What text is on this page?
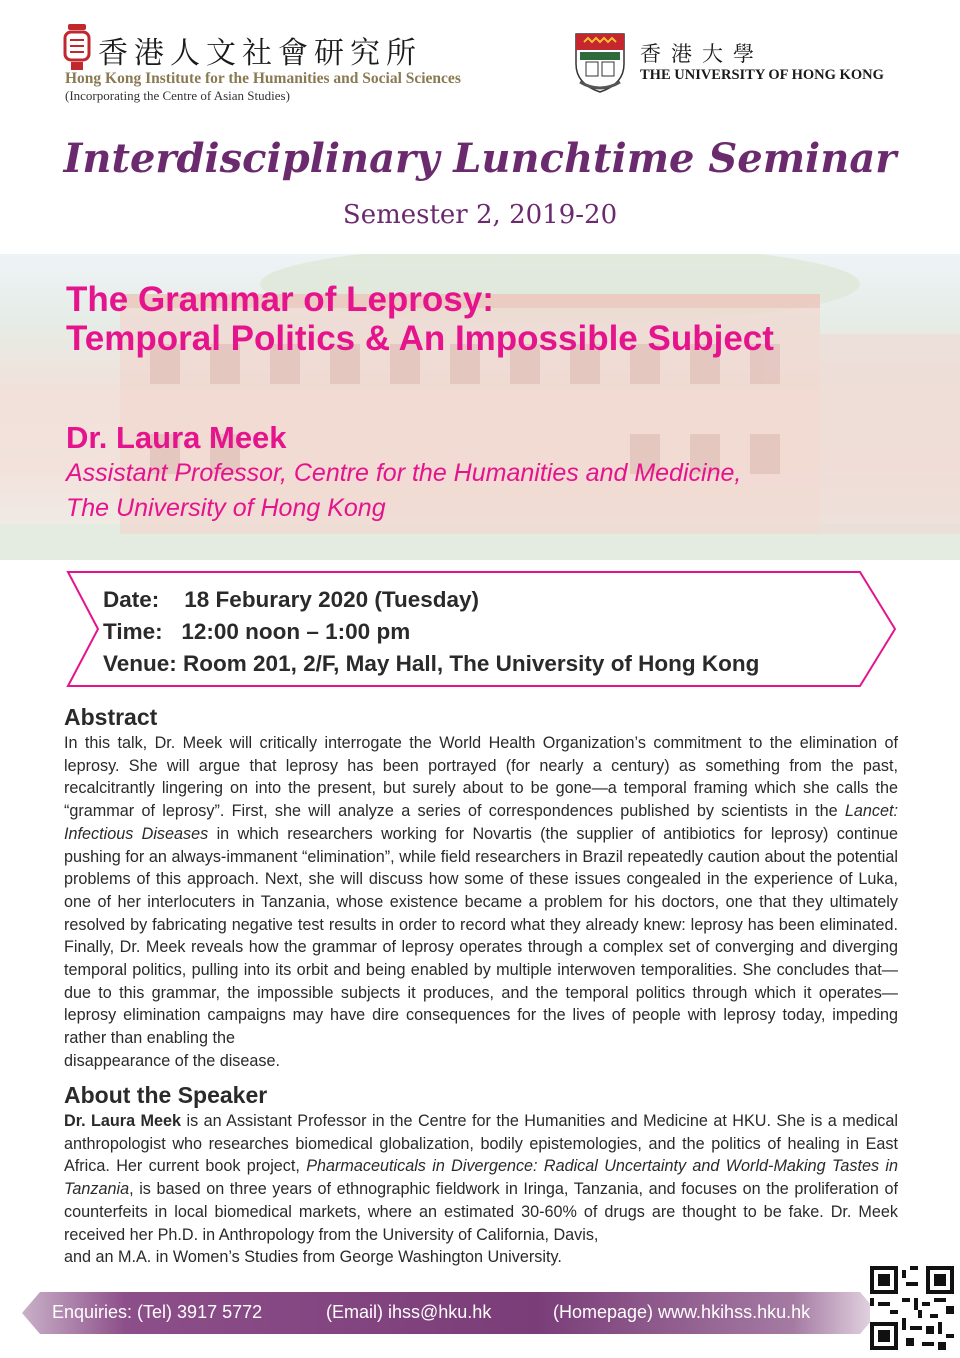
香港人文社會研究所
Hong Kong Institute for the Humanities and Social Sciences
(Incorporating the Centre of Asian Studies)
香港大學
THE UNIVERSITY OF HONG KONG
Interdisciplinary Lunchtime Seminar
Semester 2, 2019-20
The Grammar of Leprosy:
Temporal Politics & An Impossible Subject
Dr. Laura Meek
Assistant Professor, Centre for the Humanities and Medicine,
The University of Hong Kong
Date: 18 Feburary 2020 (Tuesday)
Time: 12:00 noon – 1:00 pm
Venue: Room 201, 2/F, May Hall, The University of Hong Kong
Abstract
In this talk, Dr. Meek will critically interrogate the World Health Organization’s commitment to the elimination of leprosy. She will argue that leprosy has been portrayed (for nearly a century) as something from the past, recalcitrantly lingering on into the present, but surely about to be gone—a temporal framing which she calls the “grammar of leprosy”. First, she will analyze a series of correspondences published by scientists in the Lancet: Infectious Diseases in which researchers working for Novartis (the supplier of antibiotics for leprosy) continue pushing for an always-immanent “elimination”, while field researchers in Brazil repeatedly caution about the potential problems of this approach. Next, she will discuss how some of these issues congealed in the experience of Luka, one of her interlocuters in Tanzania, whose existence became a problem for his doctors, one that they ultimately resolved by fabricating negative test results in order to record what they already knew: leprosy has been eliminated. Finally, Dr. Meek reveals how the grammar of leprosy operates through a complex set of converging and diverging temporal politics, pulling into its orbit and being enabled by multiple interwoven temporalities. She concludes that—due to this grammar, the impossible subjects it produces, and the temporal politics through which it operates—leprosy elimination campaigns may have dire consequences for the lives of people with leprosy today, impeding rather than enabling the
disappearance of the disease.
About the Speaker
Dr. Laura Meek is an Assistant Professor in the Centre for the Humanities and Medicine at HKU. She is a medical anthropologist who researches biomedical globalization, bodily epistemologies, and the politics of healing in East Africa. Her current book project, Pharmaceuticals in Divergence: Radical Uncertainty and World-Making Tastes in Tanzania, is based on three years of ethnographic fieldwork in Iringa, Tanzania, and focuses on the proliferation of counterfeits in local biomedical markets, where an estimated 30-60% of drugs are thought to be fake. Dr. Meek received her Ph.D. in Anthropology from the University of California, Davis,
and an M.A. in Women’s Studies from George Washington University.
Enquiries: (Tel) 3917 5772	(Email) ihss@hku.hk	(Homepage) www.hkihss.hku.hk
